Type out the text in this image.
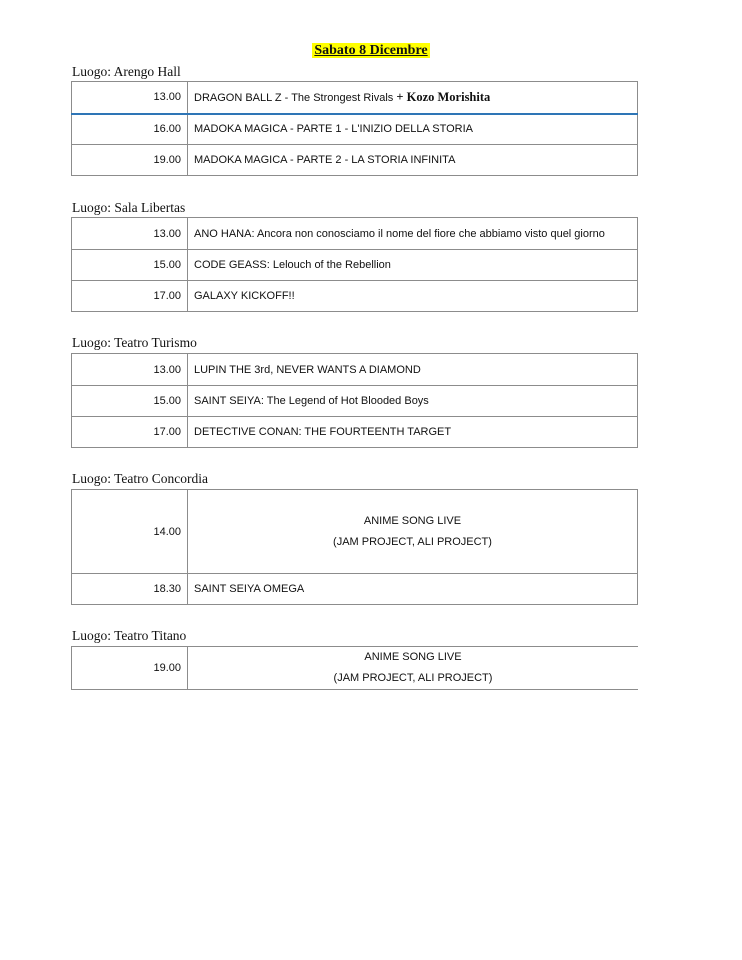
Sabato 8 Dicembre
Luogo: Arengo Hall
13.00	DRAGON BALL Z - The Strongest Rivals + Kozo Morishita
16.00	MADOKA MAGICA - PARTE 1 - L'INIZIO DELLA STORIA
19.00	MADOKA MAGICA - PARTE 2 - LA STORIA INFINITA
Luogo: Sala Libertas
13.00	ANO HANA: Ancora non conosciamo il nome del fiore che abbiamo visto quel giorno
15.00	CODE GEASS: Lelouch of the Rebellion
17.00	GALAXY KICKOFF!!
Luogo: Teatro Turismo
13.00	LUPIN THE 3rd, NEVER WANTS A DIAMOND
15.00	SAINT SEIYA: The Legend of Hot Blooded Boys
17.00	DETECTIVE CONAN: THE FOURTEENTH TARGET
Luogo: Teatro Concordia
14.00	ANIME SONG LIVE
(JAM PROJECT, ALI PROJECT)

18.30	SAINT SEIYA OMEGA
Luogo: Teatro Titano
19.00	
ANIME SONG LIVE
(JAM PROJECT, ALI PROJECT)
